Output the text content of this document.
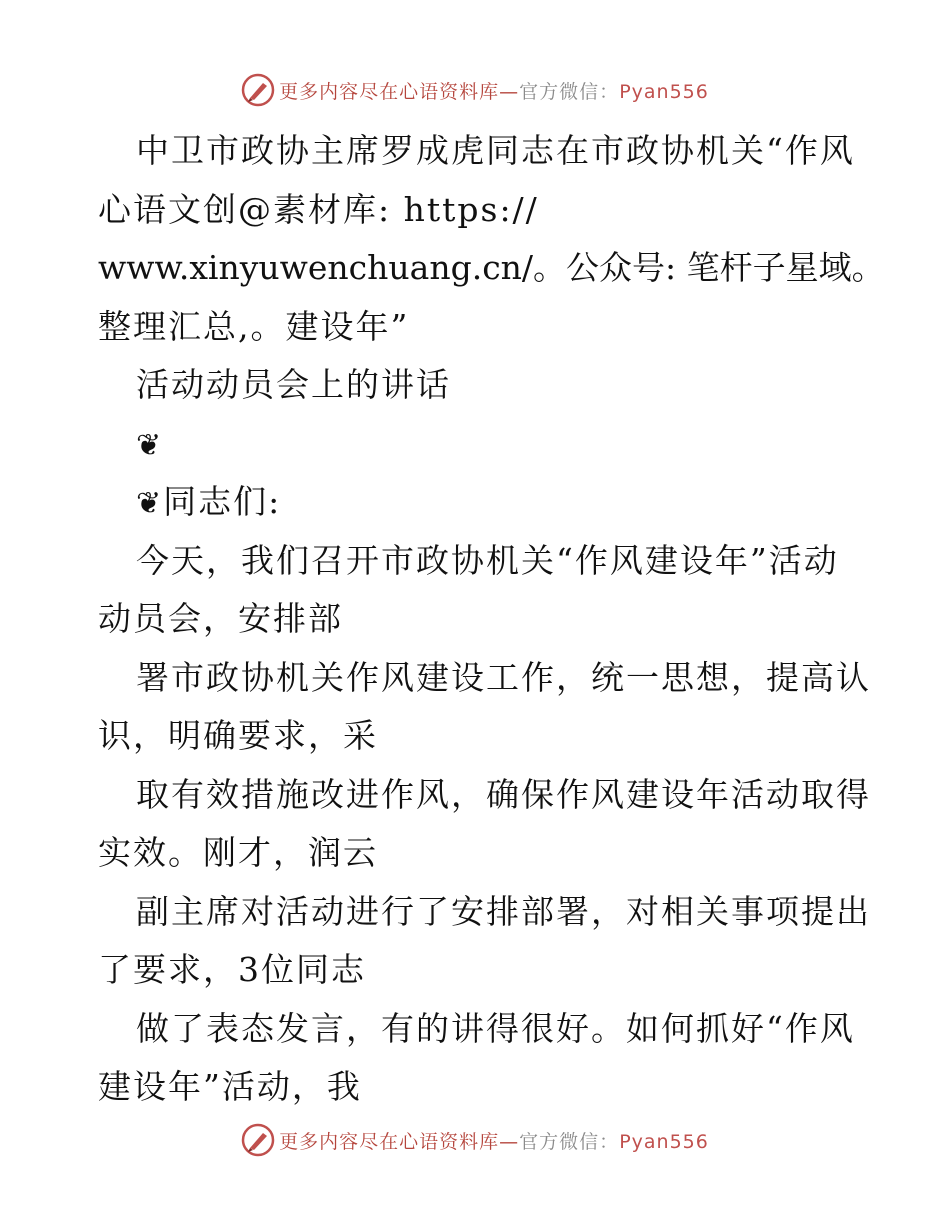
更多内容尽在心语资料库—官方微信：Pyan556
中卫市政协主席罗成虎同志在市政协机关“作风
心语文创@素材库: https://
www.xinyuwenchuang.cn/。公众号: 笔杆子星域。
整理汇总,。建设年”
活动动员会上的讲话
❦
❦同志们:
今天，我们召开市政协机关“作风建设年”活动
动员会，安排部
署市政协机关作风建设工作，统一思想，提高认
识，明确要求，采
取有效措施改进作风，确保作风建设年活动取得
实效。刚才，润云
副主席对活动进行了安排部署，对相关事项提出
了要求，3位同志
做了表态发言，有的讲得很好。如何抓好“作风
建设年”活动，我
更多内容尽在心语资料库—官方微信：Pyan556
